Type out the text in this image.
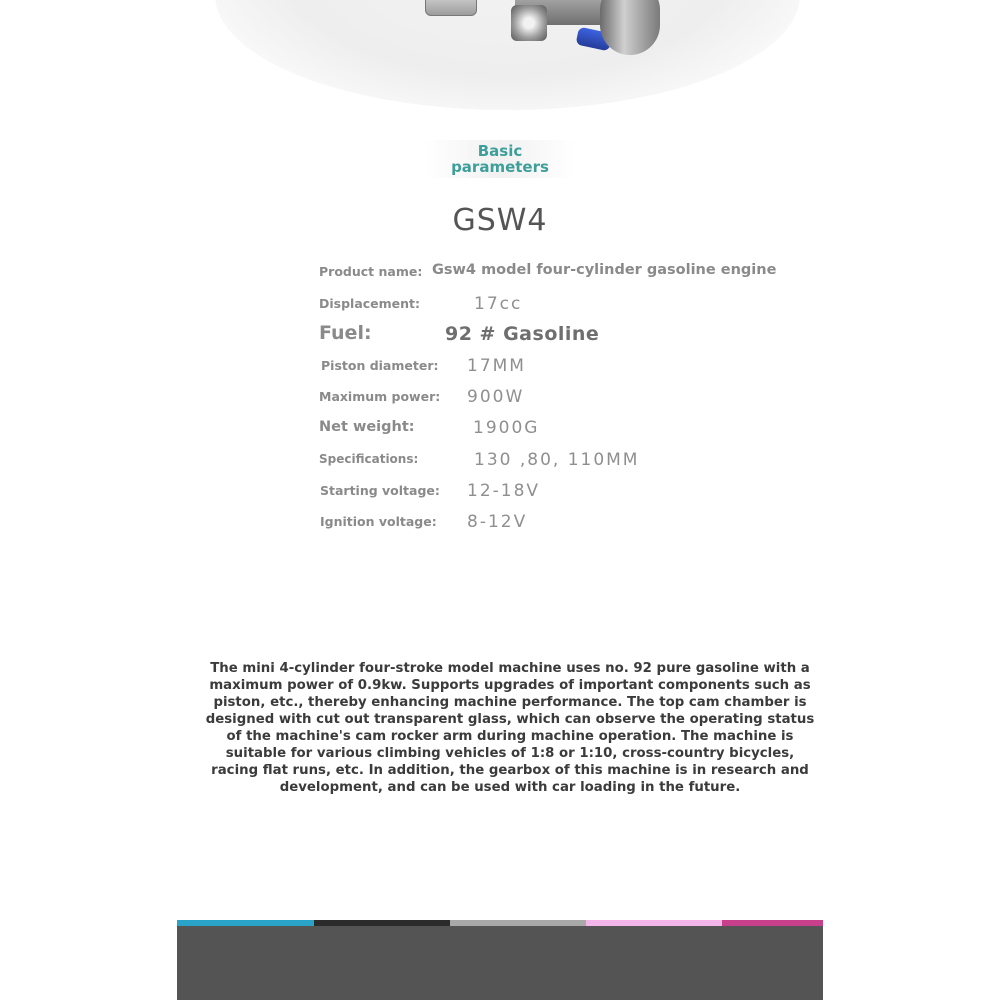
Basic
parameters
GSW4
Product name: Gsw4 model four-cylinder gasoline engine
Displacement:	17cc
Fuel:	92 # Gasoline
Piston diameter: 17MM
Maximum power: 900W
Net weight:	1900G
Specifications:	130 ,80, 110MM
Starting voltage: 12-18V
Ignition voltage: 8-12V
The mini 4-cylinder four-stroke model machine uses no. 92 pure gasoline with a maximum power of 0.9kw. Supports upgrades of important components such as piston, etc., thereby enhancing machine performance. The top cam chamber is designed with cut out transparent glass, which can observe the operating status of the machine's cam rocker arm during machine operation. The machine is suitable for various climbing vehicles of 1:8 or 1:10, cross-country bicycles, racing flat runs, etc. In addition, the gearbox of this machine is in research and development, and can be used with car loading in the future.
